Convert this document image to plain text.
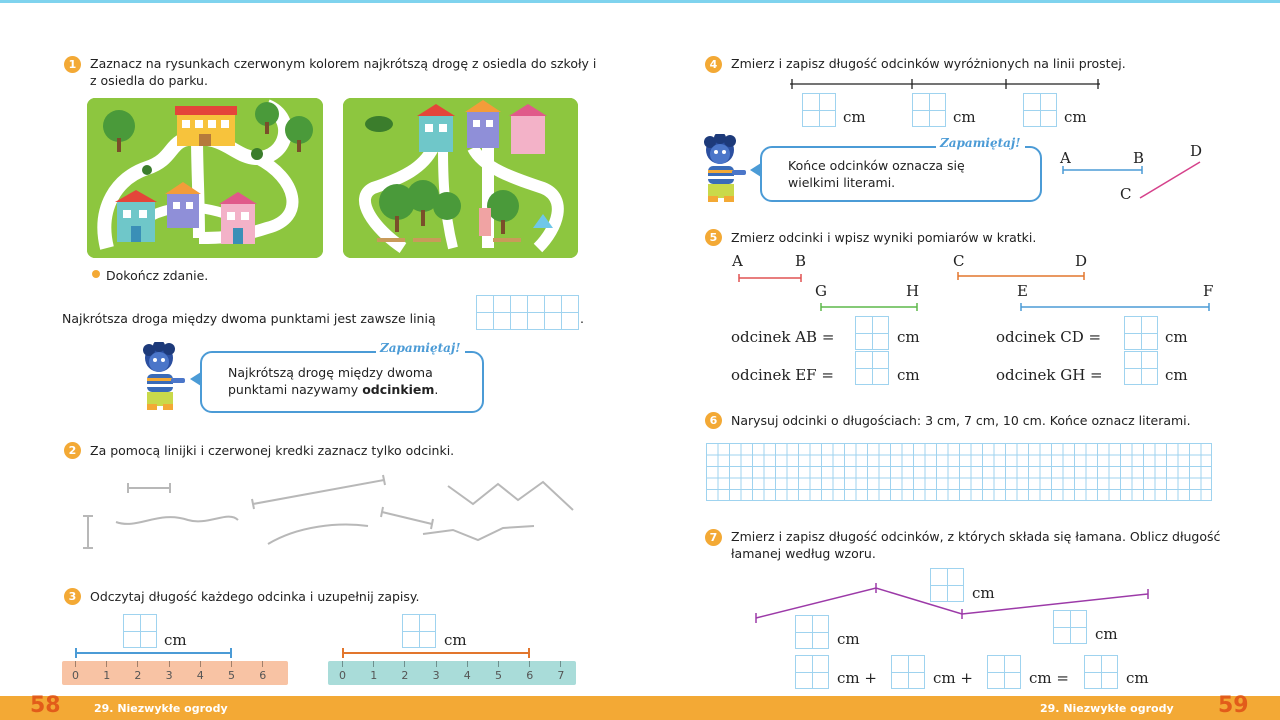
1	Zaznacz na rysunkach czerwonym kolorem najkrótszą drogę z osiedla do szkoły i z osiedla do parku.
Dokończ zdanie.
Najkrótsza droga między dwoma punktami jest zawsze linią	.
Zapamiętaj!
Najkrótszą drogę między dwoma punktami nazywamy odcinkiem.
2	Za pomocą linijki i czerwonej kredki zaznacz tylko odcinki.
3	Odczytaj długość każdego odcinka i uzupełnij zapisy.
cm
0 1 2 3 4 5 6
cm
0 1 2 3 4 5 6 7
4	Zmierz i zapisz długość odcinków wyróżnionych na linii prostej.
cm	cm	cm
Zapamiętaj!
Końce odcinków oznacza się wielkimi literami.
A	B
C
D
5	Zmierz odcinki i wpisz wyniki pomiarów w kratki.
A	B	C	D
G	H	E	F
odcinek AB =	cm	odcinek CD =	cm
odcinek EF =	cm	odcinek GH =	cm
6	Narysuj odcinki o długościach: 3 cm, 7 cm, 10 cm. Końce oznacz literami.
7	Zmierz i zapisz długość odcinków, z których składa się łamana. Oblicz długość łamanej według wzoru.
cm
cm	cm
cm +	cm +	cm =	cm
58	29. Niezwykłe ogrody	29. Niezwykłe ogrody 59
